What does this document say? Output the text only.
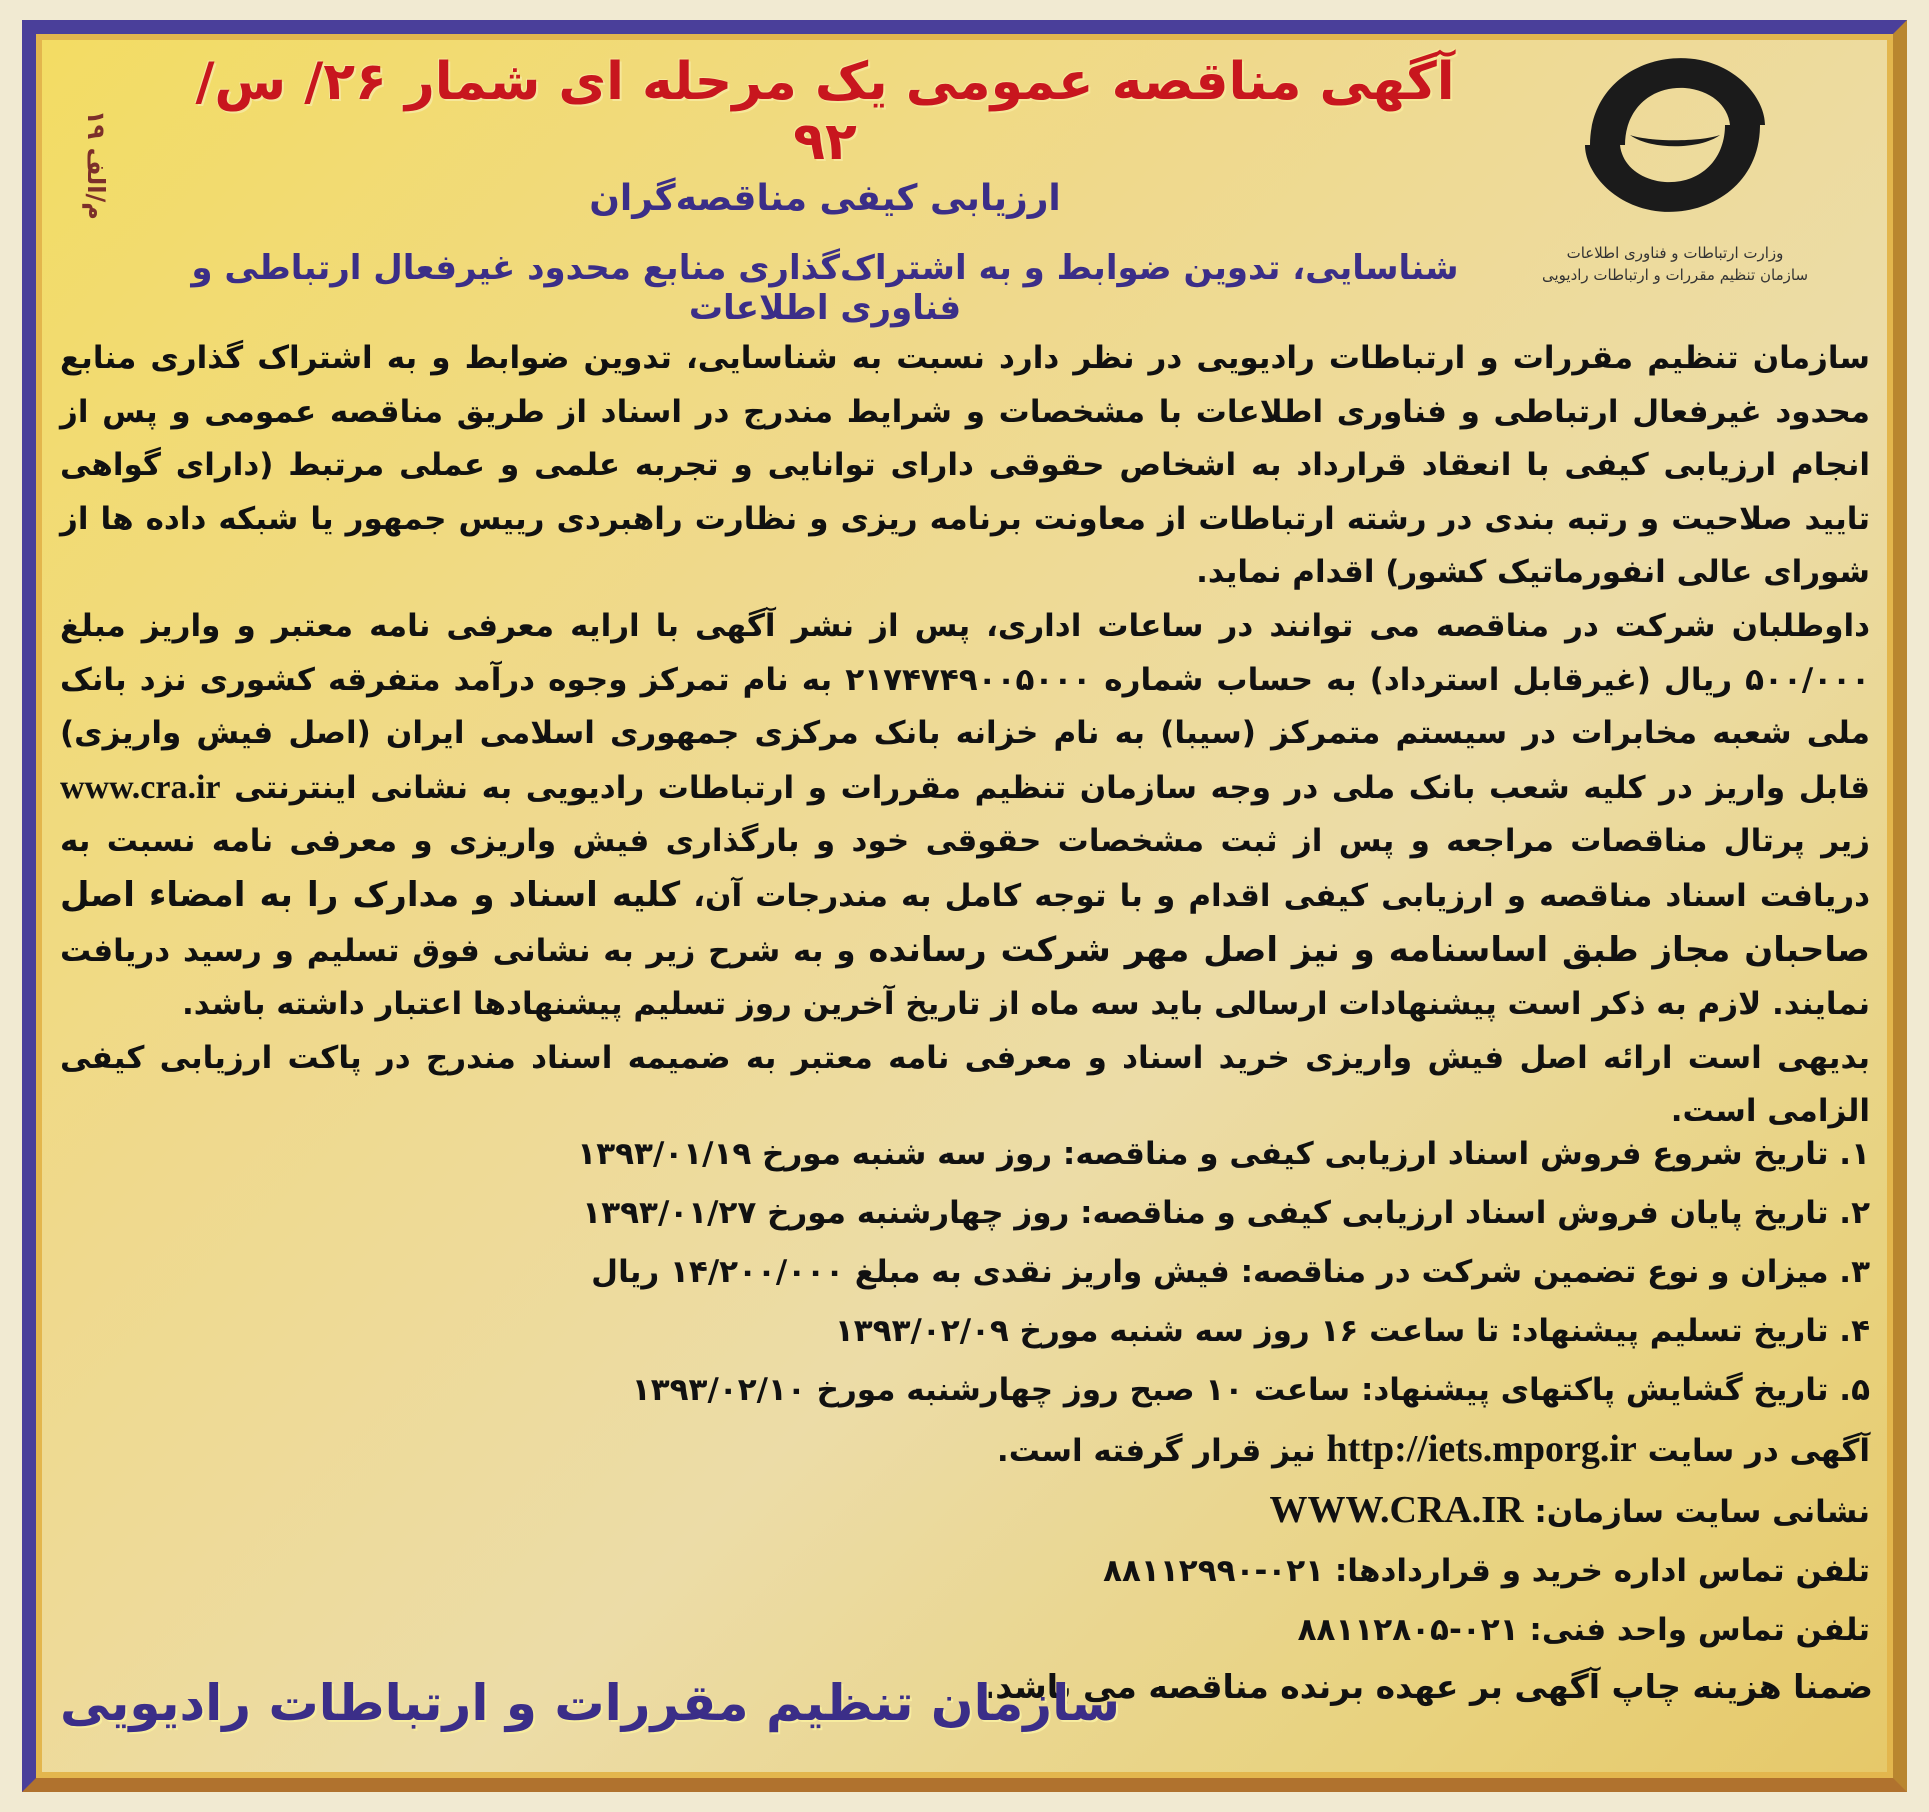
م/الف ۱۹
وزارت ارتباطات و فناوری اطلاعات
سازمان تنظیم مقررات و ارتباطات رادیویی
آگهی مناقصه عمومی یک مرحله ای شمار ۲۶/ س/ ۹۲
ارزیابی کیفی مناقصه‌گران
شناسایی، تدوین ضوابط و به اشتراک‌گذاری منابع محدود غیرفعال ارتباطی و فناوری اطلاعات

سازمان تنظیم مقررات و ارتباطات رادیویی در نظر دارد نسبت به شناسایی، تدوین ضوابط و به اشتراک گذاری منابع محدود غیرفعال ارتباطی و فناوری اطلاعات با مشخصات و شرایط مندرج در اسناد از طریق مناقصه عمومی و پس از انجام ارزیابی کیفی با انعقاد قرارداد به اشخاص حقوقی دارای توانایی و تجربه علمی و عملی مرتبط (دارای گواهی تایید صلاحیت و رتبه بندی در رشته ارتباطات از معاونت برنامه ریزی و نظارت راهبردی رییس جمهور یا شبکه داده ها از شورای عالی انفورماتیک کشور) اقدام نماید.

داوطلبان شرکت در مناقصه می توانند در ساعات اداری، پس از نشر آگهی با ارایه معرفی نامه معتبر و واریز مبلغ ۵۰۰/۰۰۰ ریال (غیرقابل استرداد) به حساب شماره ۲۱۷۴۷۴۹۰۰۵۰۰۰ به نام تمرکز وجوه درآمد متفرقه کشوری نزد بانک ملی شعبه مخابرات در سیستم متمرکز (سیبا) به نام خزانه بانک مرکزی جمهوری اسلامی ایران (اصل فیش واریزی) قابل واریز در کلیه شعب بانک ملی در وجه سازمان تنظیم مقررات و ارتباطات رادیویی به نشانی اینترنتی www.cra.ir زیر پرتال مناقصات مراجعه و پس از ثبت مشخصات حقوقی خود و بارگذاری فیش واریزی و معرفی نامه نسبت به دریافت اسناد مناقصه و ارزیابی کیفی اقدام و با توجه کامل به مندرجات آن، کلیه اسناد و مدارک را به امضاء اصل صاحبان مجاز طبق اساسنامه و نیز اصل مهر شرکت رسانده و به شرح زیر به نشانی فوق تسلیم و رسید دریافت نمایند. لازم به ذکر است پیشنهادات ارسالی باید سه ماه از تاریخ آخرین روز تسلیم پیشنهادها اعتبار داشته باشد.

بدیهی است ارائه اصل فیش واریزی خرید اسناد و معرفی نامه معتبر به ضمیمه اسناد مندرج در پاکت ارزیابی کیفی الزامی است.

۱. تاریخ شروع فروش اسناد ارزیابی کیفی و مناقصه: روز سه شنبه مورخ ۱۳۹۳/۰۱/۱۹
۲. تاریخ پایان فروش اسناد ارزیابی کیفی و مناقصه: روز چهارشنبه مورخ ۱۳۹۳/۰۱/۲۷
۳. میزان و نوع تضمین شرکت در مناقصه: فیش واریز نقدی به مبلغ ۱۴/۲۰۰/۰۰۰ ریال
۴. تاریخ تسلیم پیشنهاد: تا ساعت ۱۶ روز سه شنبه مورخ ۱۳۹۳/۰۲/۰۹
۵. تاریخ گشایش پاکتهای پیشنهاد: ساعت ۱۰ صبح روز چهارشنبه مورخ ۱۳۹۳/۰۲/۱۰
آگهی در سایت http://iets.mporg.ir نیز قرار گرفته است.
نشانی سایت سازمان: WWW.CRA.IR
تلفن تماس اداره خرید و قراردادها: ۰۲۱-۸۸۱۱۲۹۹۰
تلفن تماس واحد فنی: ۰۲۱-۸۸۱۱۲۸۰۵
ضمنا هزینه چاپ آگهی بر عهده برنده مناقصه می باشد.
سازمان تنظیم مقررات و ارتباطات رادیویی
